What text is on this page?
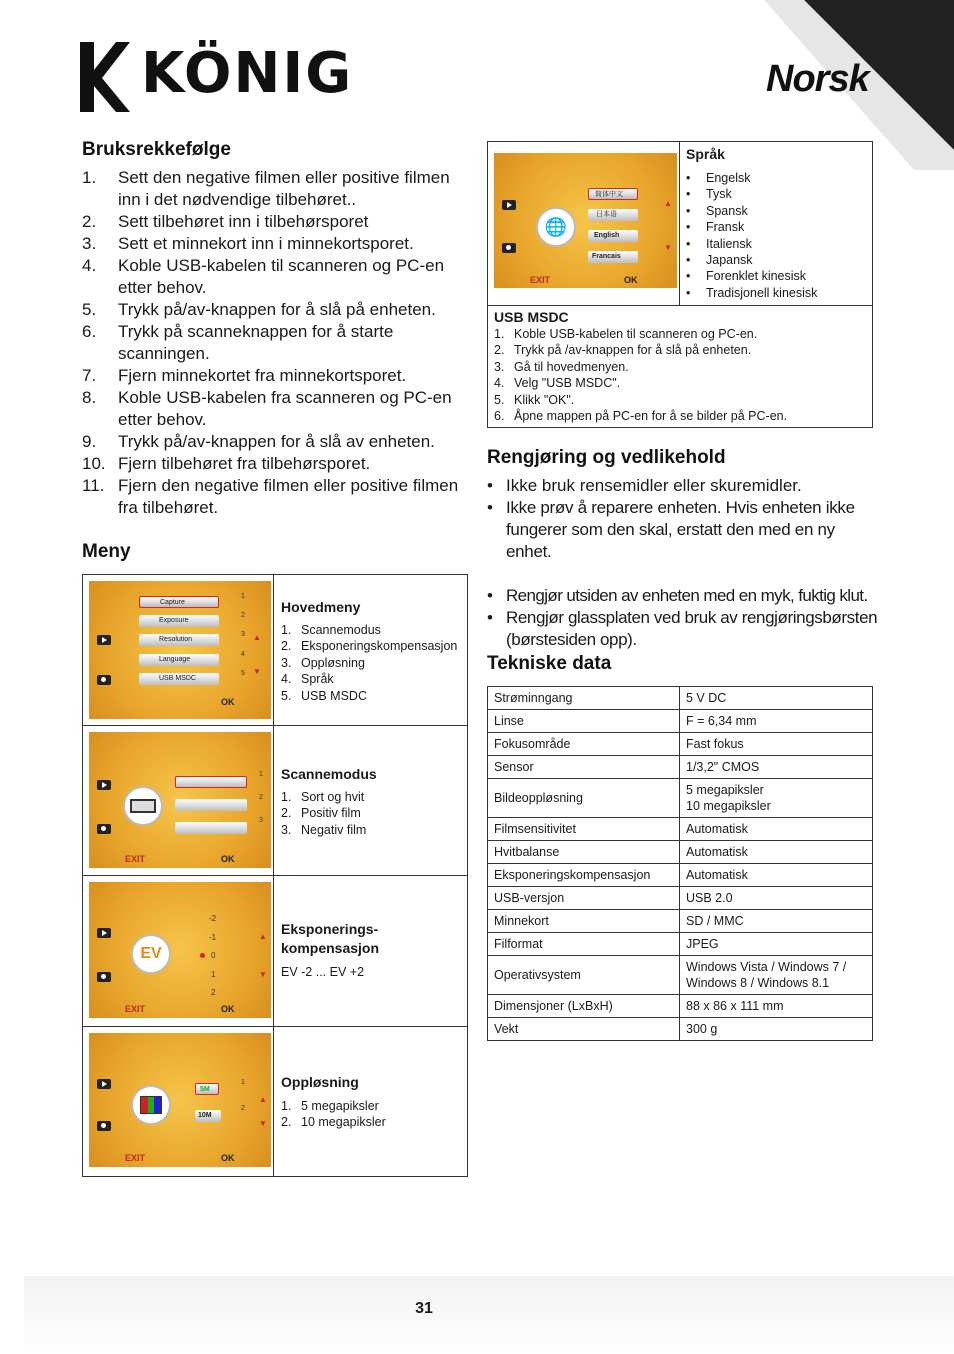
KÖNIG	Norsk
Bruksrekkefølge
1. Sett den negative filmen eller positive filmen inn i det nødvendige tilbehøret..
2. Sett tilbehøret inn i tilbehørsporet
3. Sett et minnekort inn i minnekortsporet.
4. Koble USB-kabelen til scanneren og PC-en etter behov.
5. Trykk på/av-knappen for å slå på enheten.
6. Trykk på scanneknappen for å starte scanningen.
7. Fjern minnekortet fra minnekortsporet.
8. Koble USB-kabelen fra scanneren og PC-en etter behov.
9. Trykk på/av-knappen for å slå av enheten.
10. Fjern tilbehøret fra tilbehørsporet.
11. Fjern den negative filmen eller positive filmen fra tilbehøret.
Meny
Capture
Exposure
Resolution
Language
USB MSDC
1
2
3
4
5
▲
▼
OK
Hovedmeny
1. Scannemodus
2. Eksponeringskompensasjon
3. Oppløsning
4. Språk
5. USB MSDC
1
2
3
EXIT	OK
Scannemodus
1. Sort og hvit
2. Positiv film
3. Negativ film
EV
-2
-1
0
1
2
▲
▼
EXIT	OK
Eksponerings-
kompensasjon
EV -2 ... EV +2
5M
10M
1
2
▲
▼
EXIT	OK
Oppløsning
1. 5 megapiksler
2. 10 megapiksler
🌐
简体中文
日本语
English
Francais
▲
▼
EXIT	OK
Språk
• Engelsk
• Tysk
• Spansk
• Fransk
• Italiensk
• Japansk
• Forenklet kinesisk
• Tradisjonell kinesisk
USB MSDC
1. Koble USB-kabelen til scanneren og PC-en.
2. Trykk på /av-knappen for å slå på enheten.
3. Gå til hovedmenyen.
4. Velg "USB MSDC".
5. Klikk "OK".
6. Åpne mappen på PC-en for å se bilder på PC-en.
Rengjøring og vedlikehold
• Ikke bruk rensemidler eller skuremidler.
• Ikke prøv å reparere enheten. Hvis enheten ikke fungerer som den skal, erstatt den med en ny enhet.
• Rengjør utsiden av enheten med en myk, fuktig klut.
• Rengjør glassplaten ved bruk av rengjøringsbørsten (børstesiden opp).
Tekniske data
Strøminngang	5 V DC
Linse	F = 6,34 mm
Fokusområde	Fast fokus
Sensor	1/3,2" CMOS
Bildeoppløsning	5 megapiksler
10 megapiksler

Filmsensitivitet	Automatisk
Hvitbalanse	Automatisk
Eksponeringskompensasjon	Automatisk
USB-versjon	USB 2.0
Minnekort	SD / MMC
Filformat	JPEG
Operativsystem	Windows Vista / Windows 7 /
Windows 8 / Windows 8.1

Dimensjoner (LxBxH)	88 x 86 x 111 mm
Vekt	300 g
31
